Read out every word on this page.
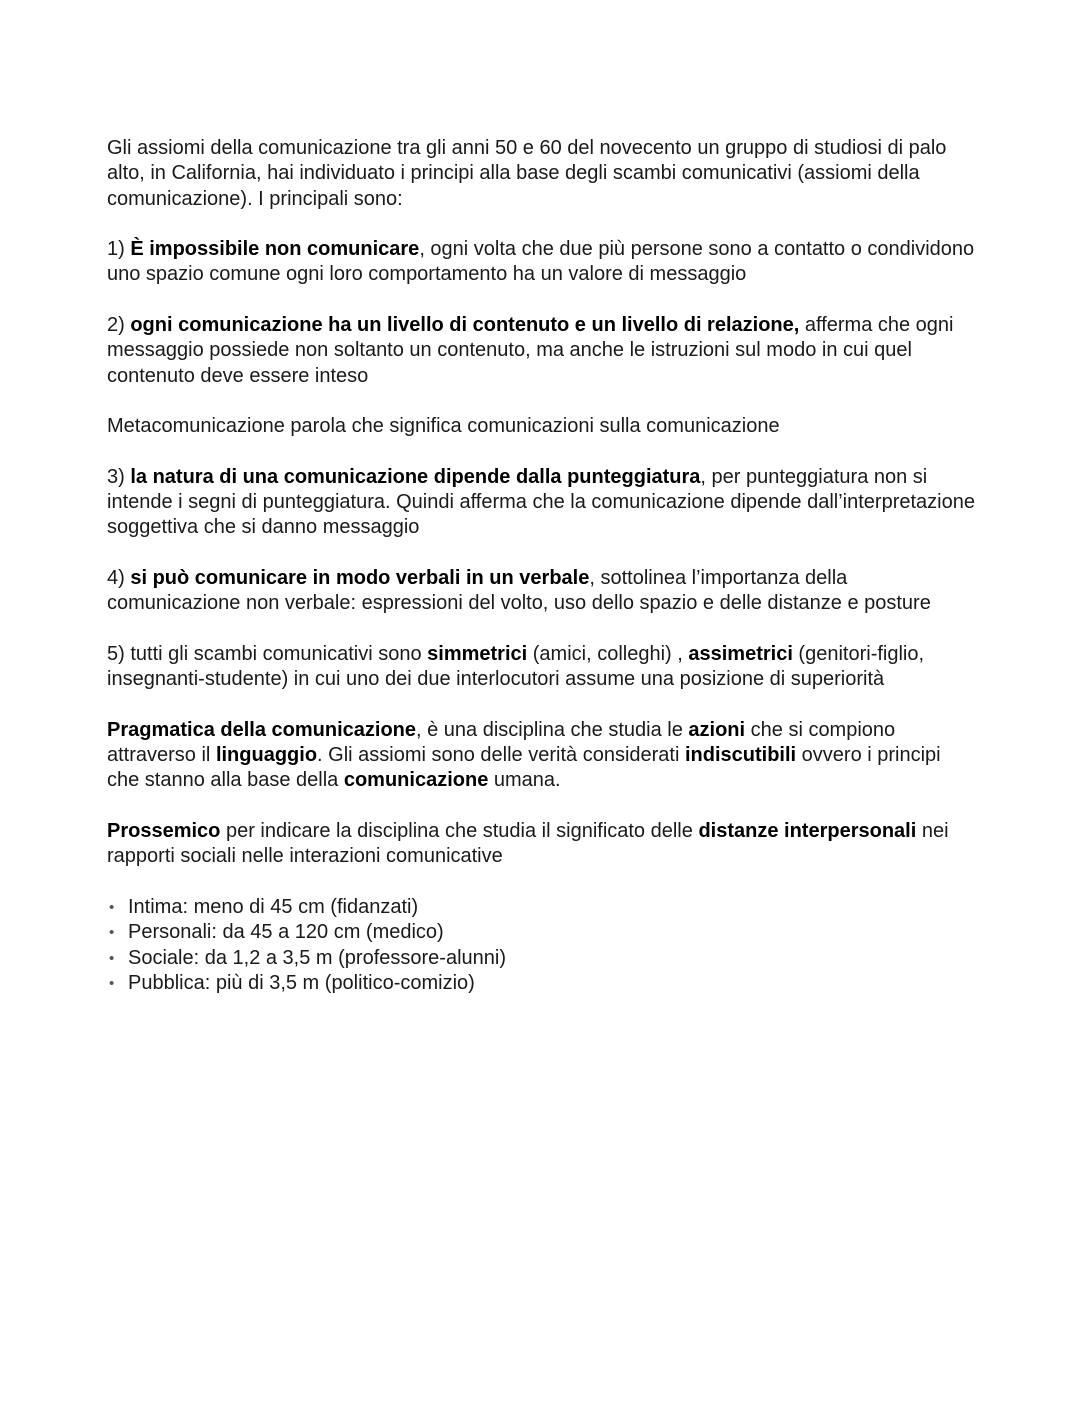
Gli assiomi della comunicazione tra gli anni 50 e 60 del novecento un gruppo di studiosi di palo alto, in California, hai individuato i principi alla base degli scambi comunicativi (assiomi della comunicazione). I principali sono:

1) È impossibile non comunicare, ogni volta che due più persone sono a contatto o condividono uno spazio comune ogni loro comportamento ha un valore di messaggio

2) ogni comunicazione ha un livello di contenuto e un livello di relazione, afferma che ogni messaggio possiede non soltanto un contenuto, ma anche le istruzioni sul modo in cui quel contenuto deve essere inteso

Metacomunicazione parola che significa comunicazioni sulla comunicazione

3) la natura di una comunicazione dipende dalla punteggiatura, per punteggiatura non si intende i segni di punteggiatura. Quindi afferma che la comunicazione dipende dall’interpretazione soggettiva che si danno messaggio

4) si può comunicare in modo verbali in un verbale, sottolinea l’importanza della comunicazione non verbale: espressioni del volto, uso dello spazio e delle distanze e posture

5) tutti gli scambi comunicativi sono simmetrici (amici, colleghi) , assimetrici (genitori-figlio, insegnanti-studente) in cui uno dei due interlocutori assume una posizione di superiorità

Pragmatica della comunicazione, è una disciplina che studia le azioni che si compiono attraverso il linguaggio. Gli assiomi sono delle verità considerati indiscutibili ovvero i principi che stanno alla base della comunicazione umana.

Prossemico per indicare la disciplina che studia il significato delle distanze interpersonali nei rapporti sociali nelle interazioni comunicative

• Intima: meno di 45 cm (fidanzati)
• Personali: da 45 a 120 cm (medico)
• Sociale: da 1,2 a 3,5 m (professore-alunni)
• Pubblica: più di 3,5 m (politico-comizio)
